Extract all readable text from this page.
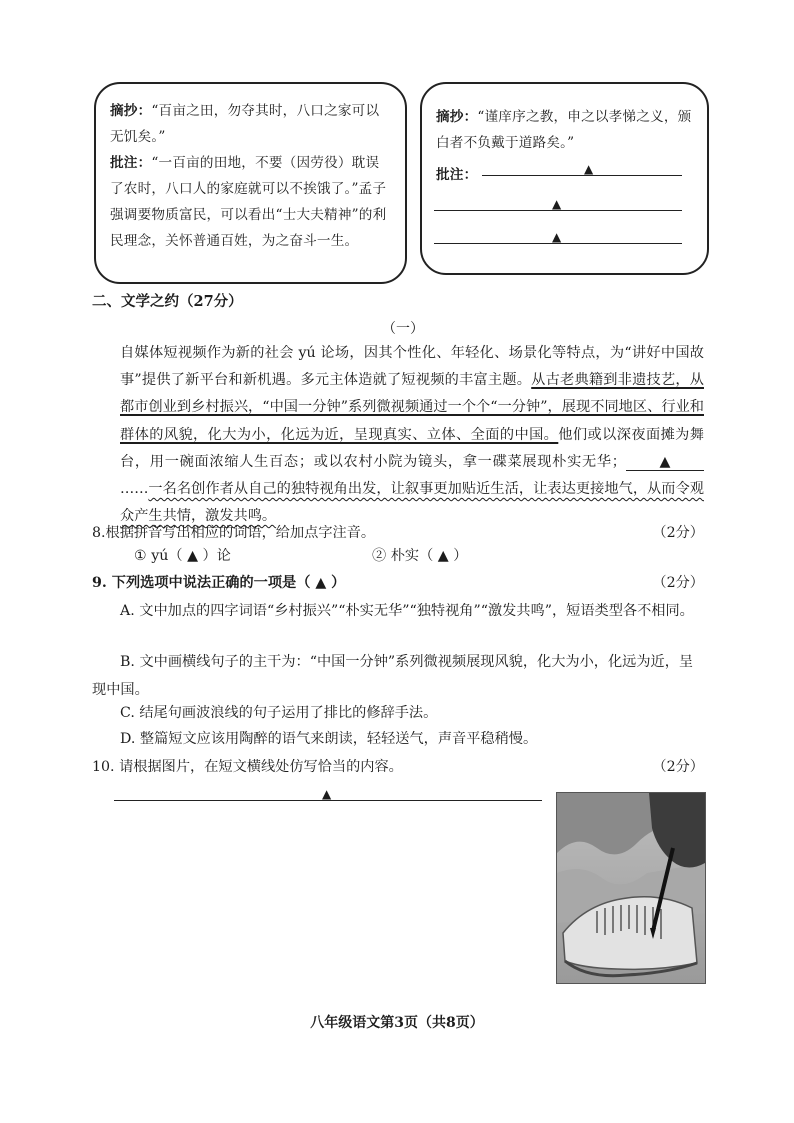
摘抄：“百亩之田，勿夺其时，八口之家可以无饥矣。”

批注：“一百亩的田地，不要（因劳役）耽误了农时，八口人的家庭就可以不挨饿了。”孟子强调要物质富民，可以看出“士大夫精神”的利民理念，关怀普通百姓，为之奋斗一生。

摘抄：“谨庠序之教，申之以孝悌之义，颁白者不负戴于道路矣。”

批注：	▲
▲
▲
二、文学之约（27分）
（一）
自媒体短视频作为新的社会 yú 论场，因其个性化、年轻化、场景化等特点，为“讲好中国故事”提供了新平台和新机遇。多元主体造就了短视频的丰富主题。从古老典籍到非遗技艺，从都市创业到乡村振兴，“中国一分钟”系列微视频通过一个个“一分钟”，展现不同地区、行业和群体的风貌，化大为小，化远为近，呈现真实、立体、全面的中国。他们或以深夜面摊为舞台，用一碗面浓缩人生百态；或以农村小院为镜头，拿一碟菜展现朴实无华； ▲……一名名创作者从自己的独特视角出发，让叙事更加贴近生活，让表达更接地气，从而令观众产生共情，激发共鸣。
8.根据拼音写出相应的词语，给加点字注音。	（2分）
① yú（ ▲ ）论	② 朴实（ ▲ ）
9. 下列选项中说法正确的一项是（ ▲ ）	（2分）
A. 文中加点的四字词语“乡村振兴”“朴实无华”“独特视角”“激发共鸣”，短语类型各不相同。
B. 文中画横线句子的主干为：“中国一分钟”系列微视频展现风貌，化大为小，化远为近，呈现中国。
C. 结尾句画波浪线的句子运用了排比的修辞手法。
D. 整篇短文应该用陶醉的语气来朗读，轻轻送气，声音平稳稍慢。
10. 请根据图片，在短文横线处仿写恰当的内容。	（2分）
▲
八年级语文第3页（共8页）
